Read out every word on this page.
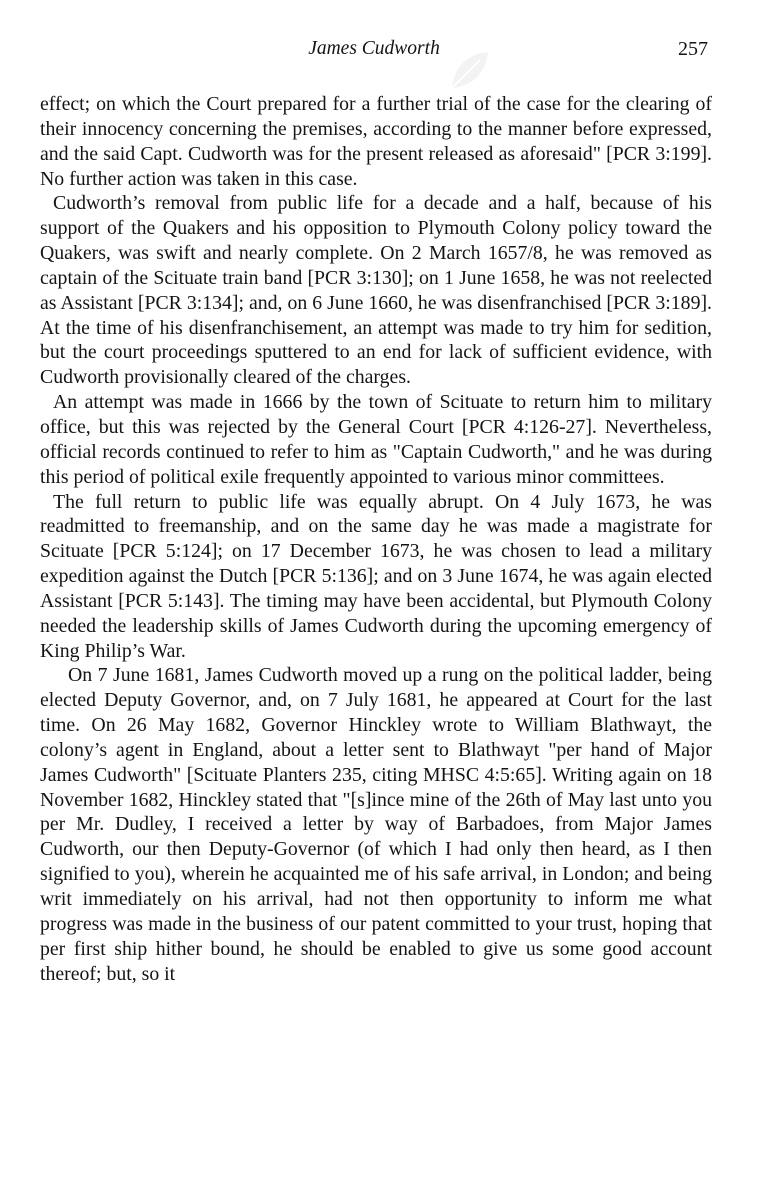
James Cudworth	257

effect; on which the Court prepared for a further trial of the case for the clearing of their innocency concerning the premises, according to the manner before expressed, and the said Capt. Cudworth was for the present released as aforesaid" [PCR 3:199]. No further action was taken in this case.

Cudworth’s removal from public life for a decade and a half, because of his support of the Quakers and his opposition to Plymouth Colony policy toward the Quakers, was swift and nearly complete. On 2 March 1657/8, he was removed as captain of the Scituate train band [PCR 3:130]; on 1 June 1658, he was not reelected as Assistant [PCR 3:134]; and, on 6 June 1660, he was disenfranchised [PCR 3:189]. At the time of his disenfranchisement, an attempt was made to try him for sedition, but the court proceedings sputtered to an end for lack of sufficient evidence, with Cudworth provisionally cleared of the charges.

An attempt was made in 1666 by the town of Scituate to return him to military office, but this was rejected by the General Court [PCR 4:126-27]. Nevertheless, official records continued to refer to him as "Captain Cudworth," and he was during this period of political exile frequently appointed to various minor committees.

The full return to public life was equally abrupt. On 4 July 1673, he was readmitted to freemanship, and on the same day he was made a magistrate for Scituate [PCR 5:124]; on 17 December 1673, he was chosen to lead a military expedition against the Dutch [PCR 5:136]; and on 3 June 1674, he was again elected Assistant [PCR 5:143]. The timing may have been accidental, but Plymouth Colony needed the leadership skills of James Cudworth during the upcoming emergency of King Philip’s War.

On 7 June 1681, James Cudworth moved up a rung on the political ladder, being elected Deputy Governor, and, on 7 July 1681, he appeared at Court for the last time. On 26 May 1682, Governor Hinckley wrote to William Blathwayt, the colony’s agent in England, about a letter sent to Blathwayt "per hand of Major James Cudworth" [Scituate Planters 235, citing MHSC 4:5:65]. Writing again on 18 November 1682, Hinckley stated that "[s]ince mine of the 26th of May last unto you per Mr. Dudley, I received a letter by way of Barbadoes, from Major James Cudworth, our then Deputy-Governor (of which I had only then heard, as I then signified to you), wherein he acquainted me of his safe arrival, in London; and being writ immediately on his arrival, had not then opportunity to inform me what progress was made in the business of our patent committed to your trust, hoping that per first ship hither bound, he should be enabled to give us some good account thereof; but, so it
